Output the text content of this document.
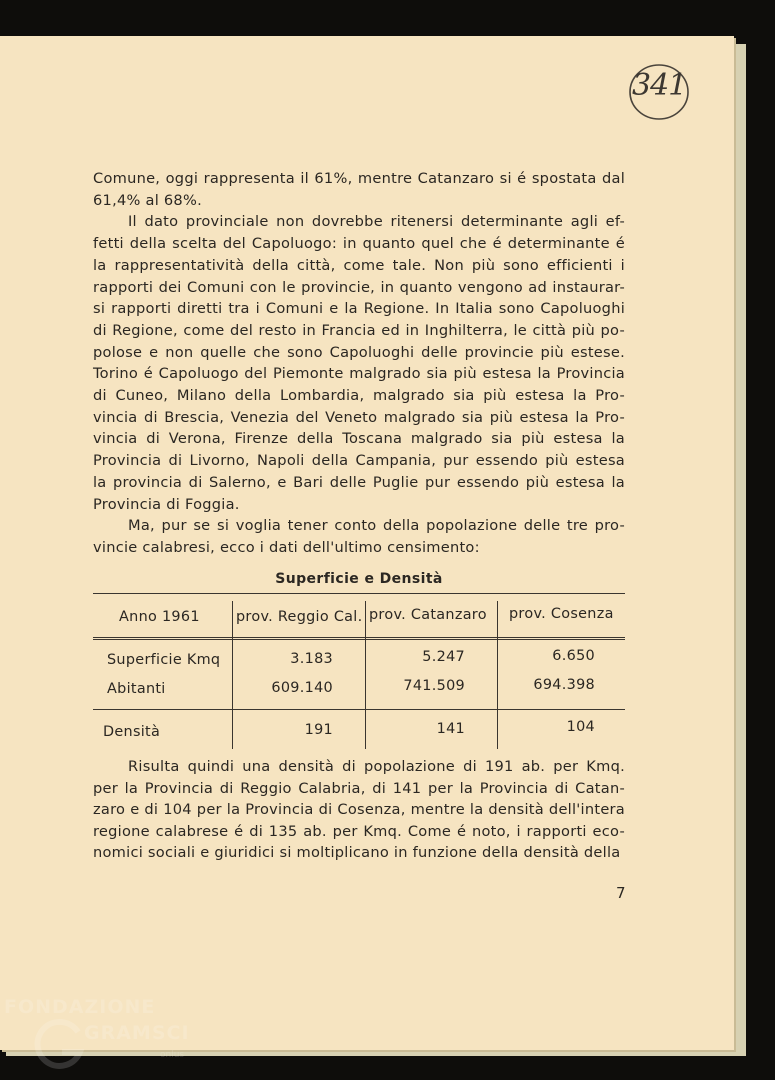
341

Comune, oggi rappresenta il 61%, mentre Catanzaro si é spostata dal
61,4% al 68%.

Il dato provinciale non dovrebbe ritenersi determinante agli ef-
fetti della scelta del Capoluogo: in quanto quel che é determinante é
la rappresentatività della città, come tale. Non più sono efficienti i
rapporti dei Comuni con le provincie, in quanto vengono ad instaurar-
si rapporti diretti tra i Comuni e la Regione. In Italia sono Capoluoghi
di Regione, come del resto in Francia ed in Inghilterra, le città più po-
polose e non quelle che sono Capoluoghi delle provincie più estese.
Torino é Capoluogo del Piemonte malgrado sia più estesa la Provincia
di Cuneo, Milano della Lombardia, malgrado sia più estesa la Pro-
vincia di Brescia, Venezia del Veneto malgrado sia più estesa la Pro-
vincia di Verona, Firenze della Toscana malgrado sia più estesa la
Provincia di Livorno, Napoli della Campania, pur essendo più estesa
la provincia di Salerno, e Bari delle Puglie pur essendo più estesa la
Provincia di Foggia.

Ma, pur se si voglia tener conto della popolazione delle tre pro-
vincie calabresi, ecco i dati dell'ultimo censimento:

Superficie e Densità
Anno 1961	prov. Reggio Cal. prov. Catanzaro prov. Cosenza
Superficie Kmq	3.183	5.247	6.650
Abitanti	609.140	741.509	694.398
Densità	191	141	104

Risulta quindi una densità di popolazione di 191 ab. per Kmq.
per la Provincia di Reggio Calabria, di 141 per la Provincia di Catan-
zaro e di 104 per la Provincia di Cosenza, mentre la densità dell'intera
regione calabrese é di 135 ab. per Kmq. Come é noto, i rapporti eco-
nomici sociali e giuridici si moltiplicano in funzione della densità della

7
FONDAZIONE
GRAMSCI
onlus
